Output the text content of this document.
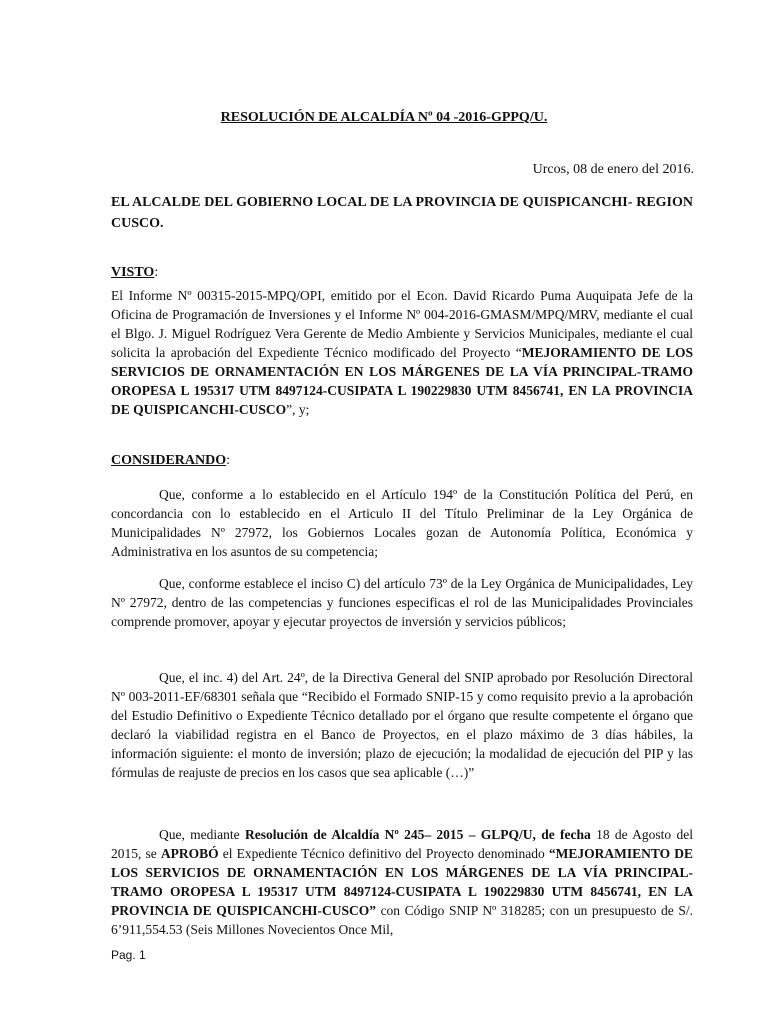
RESOLUCIÓN DE ALCALDÍA Nº 04 -2016-GPPQ/U.
Urcos, 08 de enero del 2016.
EL ALCALDE DEL GOBIERNO LOCAL DE LA PROVINCIA DE QUISPICANCHI- REGION CUSCO.
VISTO:
El Informe Nº 00315-2015-MPQ/OPI, emitido por el Econ. David Ricardo Puma Auquipata Jefe de la Oficina de Programación de Inversiones y el Informe Nº 004-2016-GMASM/MPQ/MRV, mediante el cual el Blgo. J. Miguel Rodríguez Vera Gerente de Medio Ambiente y Servicios Municipales, mediante el cual solicita la aprobación del Expediente Técnico modificado del Proyecto “MEJORAMIENTO DE LOS SERVICIOS DE ORNAMENTACIÓN EN LOS MÁRGENES DE LA VÍA PRINCIPAL-TRAMO OROPESA L 195317 UTM 8497124-CUSIPATA L 190229830 UTM 8456741, EN LA PROVINCIA DE QUISPICANCHI-CUSCO”, y;
CONSIDERANDO:
Que, conforme a lo establecido en el Artículo 194º de la Constitución Política del Perú, en concordancia con lo establecido en el Articulo II del Título Preliminar de la Ley Orgánica de Municipalidades Nº 27972, los Gobiernos Locales gozan de Autonomía Política, Económica y Administrativa en los asuntos de su competencia;
Que, conforme establece el inciso C) del artículo 73º de la Ley Orgánica de Municipalidades, Ley Nº 27972, dentro de las competencias y funciones especificas el rol de las Municipalidades Provinciales comprende promover, apoyar y ejecutar proyectos de inversión y servicios públicos;
Que, el inc. 4) del Art. 24º, de la Directiva General del SNIP aprobado por Resolución Directoral Nº 003-2011-EF/68301 señala que “Recibido el Formado SNIP-15 y como requisito previo a la aprobación del Estudio Definitivo o Expediente Técnico detallado por el órgano que resulte competente el órgano que declaró la viabilidad registra en el Banco de Proyectos, en el plazo máximo de 3 días hábiles, la información siguiente: el monto de inversión; plazo de ejecución; la modalidad de ejecución del PIP y las fórmulas de reajuste de precios en los casos que sea aplicable (…)”
Que, mediante Resolución de Alcaldía Nº 245– 2015 – GLPQ/U, de fecha 18 de Agosto del 2015, se APROBÓ el Expediente Técnico definitivo del Proyecto denominado “MEJORAMIENTO DE LOS SERVICIOS DE ORNAMENTACIÓN EN LOS MÁRGENES DE LA VÍA PRINCIPAL-TRAMO OROPESA L 195317 UTM 8497124-CUSIPATA L 190229830 UTM 8456741, EN LA PROVINCIA DE QUISPICANCHI-CUSCO” con Código SNIP Nº 318285; con un presupuesto de S/. 6’911,554.53 (Seis Millones Novecientos Once Mil,
Pag. 1
